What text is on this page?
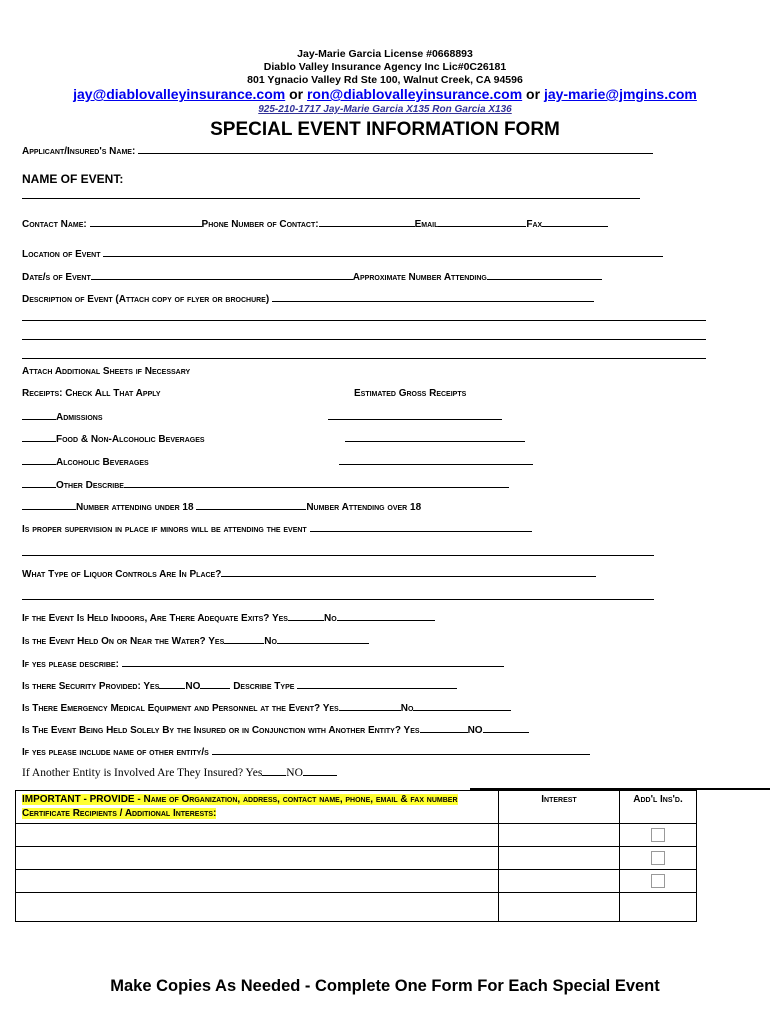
Jay-Marie Garcia License #0668893
Diablo Valley Insurance Agency Inc Lic#0C26181
801 Ygnacio Valley Rd Ste 100, Walnut Creek, CA 94596
jay@diablovalleyinsurance.com or ron@diablovalleyinsurance.com or jay-marie@jmgins.com
925-210-1717 Jay-Marie Garcia X135 Ron Garcia X136
SPECIAL EVENT INFORMATION FORM
Applicant/Insured's Name:
NAME OF EVENT:
Contact Name:	Phone Number of Contact:	Email	Fax
Location of Event
Date/s of Event	Approximate Number Attending
Description of Event (Attach copy of flyer or brochure)
Attach Additional Sheets if Necessary
Receipts: Check All That Apply	Estimated Gross Receipts
Admissions
Food & Non-Alcoholic Beverages
Alcoholic Beverages
Other Describe
Number attending under 18	Number Attending over 18
Is proper supervision in place if minors will be attending the event
What Type of Liquor Controls Are In Place?
If the Event Is Held Indoors, Are There Adequate Exits? Yes	No
Is the Event Held On or Near the Water? Yes	No
If yes please describe:
Is there Security Provided: Yes	NO	Describe Type
Is There Emergency Medical Equipment and Personnel at the Event? Yes	No
Is The Event Being Held Solely By the Insured or in Conjunction with Another Entity? Yes	NO
If yes please include name of other entity/s
If Another Entity is Involved Are They Insured? Yes NO
IMPORTANT - PROVIDE - Name of Organization, address, contact name, phone, email & fax number Certificate Recipients / Additional Interests:	Interest	Add'l Ins'd.

Make Copies As Needed - Complete One Form For Each Special Event
